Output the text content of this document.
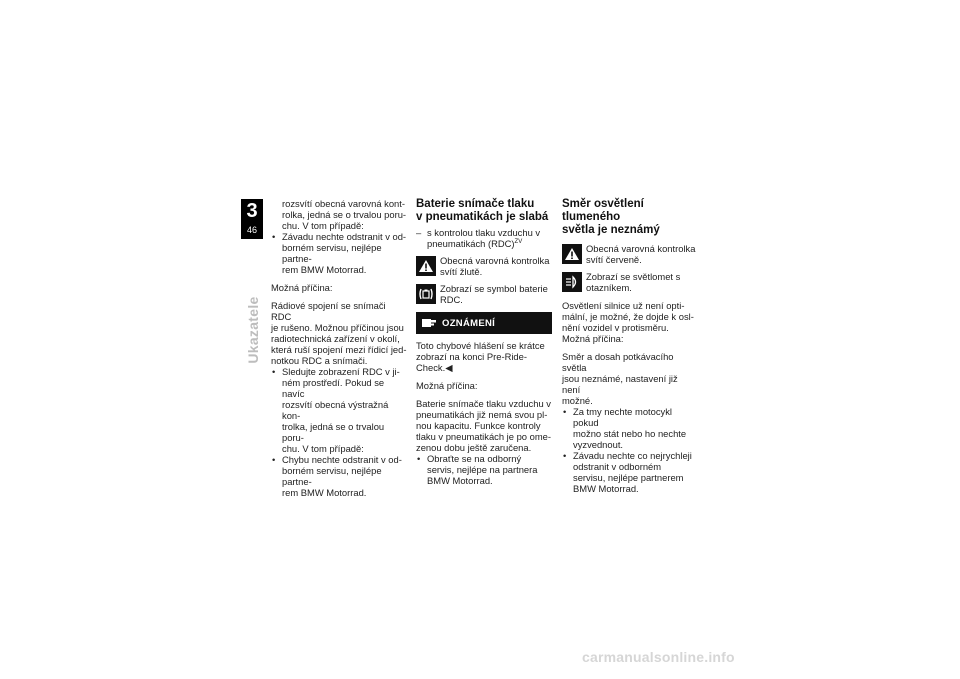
3
46
Ukazatele

rozsvítí obecná varovná kont-

rolka, jedná se o trvalou poru-

chu. V tom případě:

• Závadu nechte odstranit v od-

borném servisu, nejlépe partne-

rem BMW Motorrad.

Možná příčina:

Rádiové spojení se snímači RDC

je rušeno. Možnou příčinou jsou

radiotechnická zařízení v okolí,

která ruší spojení mezi řídicí jed-

notkou RDC a snímači.

• Sledujte zobrazení RDC v ji-

ném prostředí. Pokud se navíc

rozsvítí obecná výstražná kon-

trolka, jedná se o trvalou poru-

chu. V tom případě:

• Chybu nechte odstranit v od-

borném servisu, nejlépe partne-

rem BMW Motorrad.

Baterie snímače tlaku
v pneumatikách je slabá

– s kontrolou tlaku vzduchu v

pneumatikách (RDC)$^{ZV}$

Obecná varovná kontrolka

svítí žlutě.

Zobrazí se symbol baterie

RDC.

OZNÁMENÍ

Toto chybové hlášení se krátce

zobrazí na konci Pre-Ride-

Check.◀

Možná příčina:

Baterie snímače tlaku vzduchu v

pneumatikách již nemá svou pl-

nou kapacitu. Funkce kontroly

tlaku v pneumatikách je po ome-

zenou dobu ještě zaručena.

• Obraťte se na odborný

servis, nejlépe na partnera

BMW Motorrad.

Směr osvětlení tlumeného
světla je neznámý

Obecná varovná kontrolka

svítí červeně.

Zobrazí se světlomet s

otazníkem.

Osvětlení silnice už není opti-

mální, je možné, že dojde k osl-

nění vozidel v protisměru.

Možná příčina:

Směr a dosah potkávacího světla

jsou neznámé, nastavení již není

možné.

• Za tmy nechte motocykl pokud

možno stát nebo ho nechte

vyzvednout.

• Závadu nechte co nejrychleji

odstranit v odborném

servisu, nejlépe partnerem

BMW Motorrad.

carmanualsonline.info
